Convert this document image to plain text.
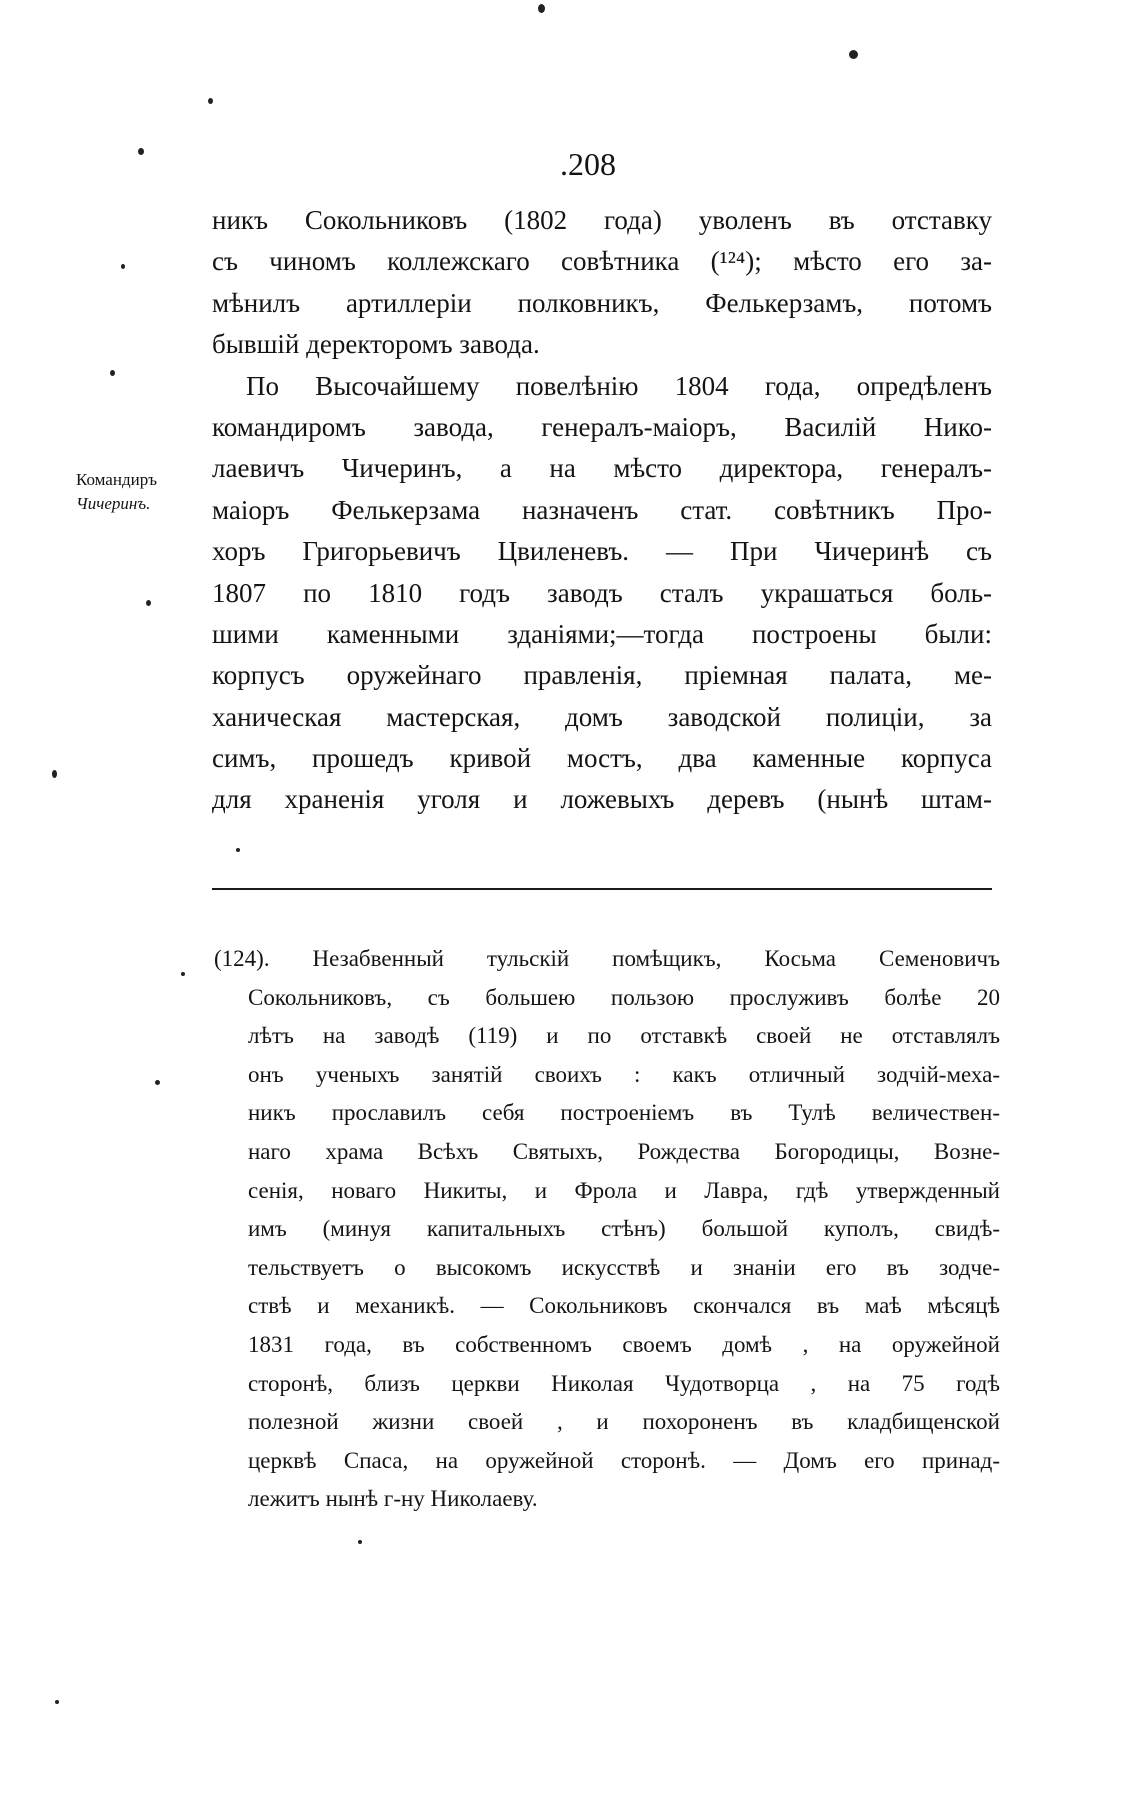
.208
Командиръ
Чичеринъ.
никъ Сокольниковъ (1802 года) уволенъ въ отставку
съ чиномъ коллежскаго совѣтника (¹²⁴); мѣсто его за-
мѣнилъ артиллеріи полковникъ, Фелькерзамъ, потомъ
бывшій деректоромъ завода.
По Высочайшему повелѣнію 1804 года, опредѣленъ
командиромъ завода, генералъ-маіоръ, Василій Нико-
лаевичъ Чичеринъ, а на мѣсто директора, генералъ-
маіоръ Фелькерзама назначенъ стат. совѣтникъ Про-
хоръ Григорьевичъ Цвиленевъ. — При Чичеринѣ съ
1807 по 1810 годъ заводъ сталъ украшаться боль-
шими каменными зданіями;—тогда построены были:
корпусъ оружейнаго правленія, пріемная палата, ме-
ханическая мастерская, домъ заводской полиціи, за
симъ, прошедъ кривой мостъ, два каменные корпуса
для храненія уголя и ложевыхъ деревъ (нынѣ штам-
(124). Незабвенный тульскій помѣщикъ, Косьма Семеновичъ
Сокольниковъ, съ большею пользою прослуживъ болѣе 20
лѣтъ на заводѣ (119) и по отставкѣ своей не отставлялъ
онъ ученыхъ занятій своихъ : какъ отличный зодчій-меха-
никъ прославилъ себя построеніемъ въ Тулѣ величествен-
наго храма Всѣхъ Святыхъ, Рождества Богородицы, Возне-
сенія, новаго Никиты, и Фрола и Лавра, гдѣ утвержденный
имъ (минуя капитальныхъ стѣнъ) большой куполъ, свидѣ-
тельствуетъ о высокомъ искусствѣ и знаніи его въ зодче-
ствѣ и механикѣ. — Сокольниковъ скончался въ маѣ мѣсяцѣ
1831 года, въ собственномъ своемъ домѣ , на оружейной
сторонѣ, близъ церкви Николая Чудотворца , на 75 годѣ
полезной жизни своей , и похороненъ въ кладбищенской
церквѣ Спаса, на оружейной сторонѣ. — Домъ его принад-
лежитъ нынѣ г-ну Николаеву.
